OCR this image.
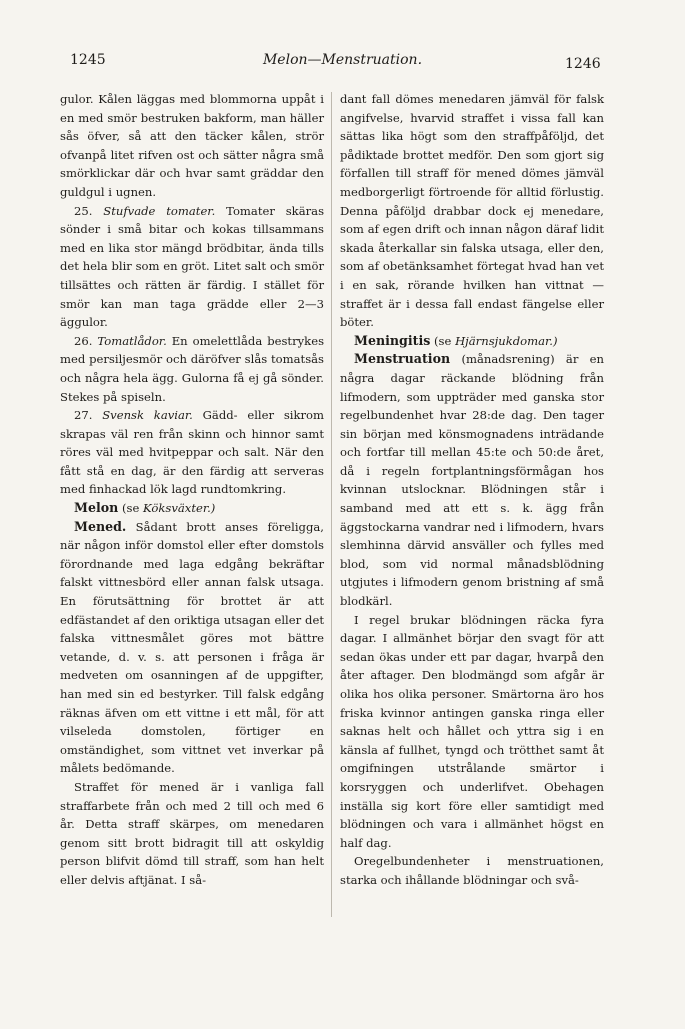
1245	Melon—Menstruation.	1246

gulor. Kålen läggas med blommorna uppåt i en med smör bestruken bakform, man häller sås öfver, så att den täcker kålen, strör ofvanpå litet rifven ost och sätter några små smörklickar där och hvar samt gräddar den guldgul i ugnen.

25. Stufvade tomater. Tomater skäras sönder i små bitar och kokas tillsammans med en lika stor mängd brödbitar, ända tills det hela blir som en gröt. Litet salt och smör tillsättes och rätten är färdig. I stället för smör kan man taga grädde eller 2—3 äggulor.

26. Tomatlådor. En omelettlåda bestrykes med persiljesmör och däröfver slås tomatsås och några hela ägg. Gulorna få ej gå sönder. Stekes på spiseln.

27. Svensk kaviar. Gädd- eller sikrom skrapas väl ren från skinn och hinnor samt röres väl med hvitpeppar och salt. När den fått stå en dag, är den färdig att serveras med finhackad lök lagd rundtomkring.

Melon (se Köksväxter.)

Mened. Sådant brott anses föreligga, när någon inför domstol eller efter domstols förordnande med laga edgång bekräftar falskt vittnesbörd eller annan falsk utsaga. En förutsättning för brottet är att edfästandet af den oriktiga utsagan eller det falska vittnesmålet göres mot bättre vetande, d. v. s. att personen i fråga är medveten om osanningen af de uppgifter, han med sin ed bestyrker. Till falsk edgång räknas äfven om ett vittne i ett mål, för att vilseleda domstolen, förtiger en omständighet, som vittnet vet inverkar på målets bedömande.

Straffet för mened är i vanliga fall straffarbete från och med 2 till och med 6 år. Detta straff skärpes, om menedaren genom sitt brott bidragit till att oskyldig person blifvit dömd till straff, som han helt eller delvis aftjänat. I så-

dant fall dömes menedaren jämväl för falsk angifvelse, hvarvid straffet i vissa fall kan sättas lika högt som den straffpåföljd, det pådiktade brottet medför. Den som gjort sig förfallen till straff för mened dömes jämväl medborgerligt förtroende för alltid förlustig. Denna påföljd drabbar dock ej menedare, som af egen drift och innan någon däraf lidit skada återkallar sin falska utsaga, eller den, som af obetänksamhet förtegat hvad han vet i en sak, rörande hvilken han vittnat — straffet är i dessa fall endast fängelse eller böter.

Meningitis (se Hjärnsjukdomar.)

Menstruation (månadsrening) är en några dagar räckande blödning från lifmodern, som uppträder med ganska stor regelbundenhet hvar 28:de dag. Den tager sin början med könsmognadens inträdande och fortfar till mellan 45:te och 50:de året, då i regeln fortplantningsförmågan hos kvinnan utslocknar. Blödningen står i samband med att ett s. k. ägg från äggstockarna vandrar ned i lifmodern, hvars slemhinna därvid ansväller och fylles med blod, som vid normal månadsblödning utgjutes i lifmodern genom bristning af små blodkärl.

I regel brukar blödningen räcka fyra dagar. I allmänhet börjar den svagt för att sedan ökas under ett par dagar, hvarpå den åter aftager. Den blodmängd som afgår är olika hos olika personer. Smärtorna äro hos friska kvinnor antingen ganska ringa eller saknas helt och hållet och yttra sig i en känsla af fullhet, tyngd och trötthet samt åt omgifningen utstrålande smärtor i korsryggen och underlifvet. Obehagen inställa sig kort före eller samtidigt med blödningen och vara i allmänhet högst en half dag.

Oregelbundenheter i menstruationen, starka och ihållande blödningar och svå-
